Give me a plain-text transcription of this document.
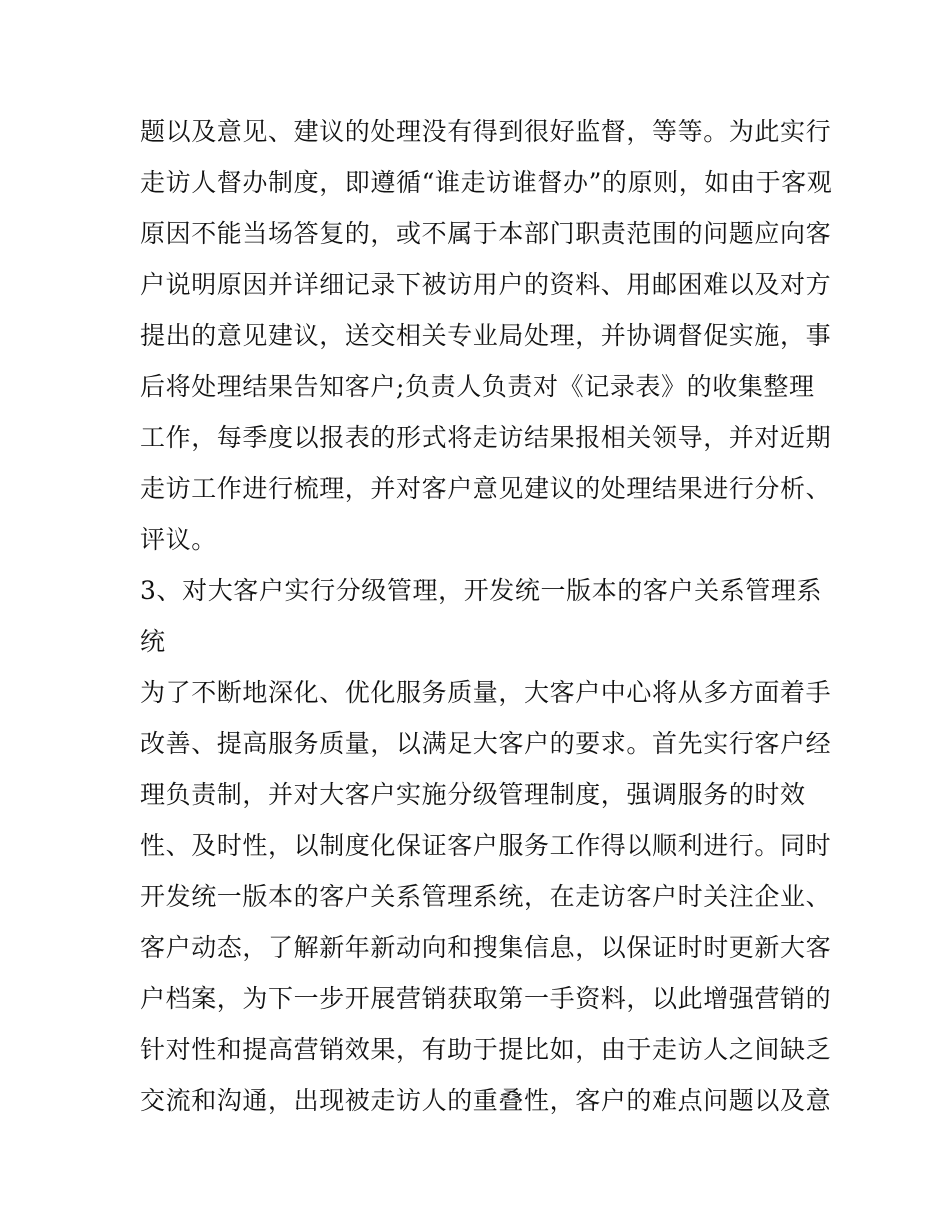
题以及意见、建议的处理没有得到很好监督，等等。为此实行
走访人督办制度，即遵循“谁走访谁督办”的原则，如由于客观
原因不能当场答复的，或不属于本部门职责范围的问题应向客
户说明原因并详细记录下被访用户的资料、用邮困难以及对方
提出的意见建议，送交相关专业局处理，并协调督促实施，事
后将处理结果告知客户;负责人负责对《记录表》的收集整理
工作，每季度以报表的形式将走访结果报相关领导，并对近期
走访工作进行梳理，并对客户意见建议的处理结果进行分析、
评议。
3、对大客户实行分级管理，开发统一版本的客户关系管理系
统
为了不断地深化、优化服务质量，大客户中心将从多方面着手
改善、提高服务质量，以满足大客户的要求。首先实行客户经
理负责制，并对大客户实施分级管理制度，强调服务的时效
性、及时性，以制度化保证客户服务工作得以顺利进行。同时
开发统一版本的客户关系管理系统，在走访客户时关注企业、
客户动态，了解新年新动向和搜集信息，以保证时时更新大客
户档案，为下一步开展营销获取第一手资料，以此增强营销的
针对性和提高营销效果，有助于提比如，由于走访人之间缺乏
交流和沟通，出现被走访人的重叠性，客户的难点问题以及意
